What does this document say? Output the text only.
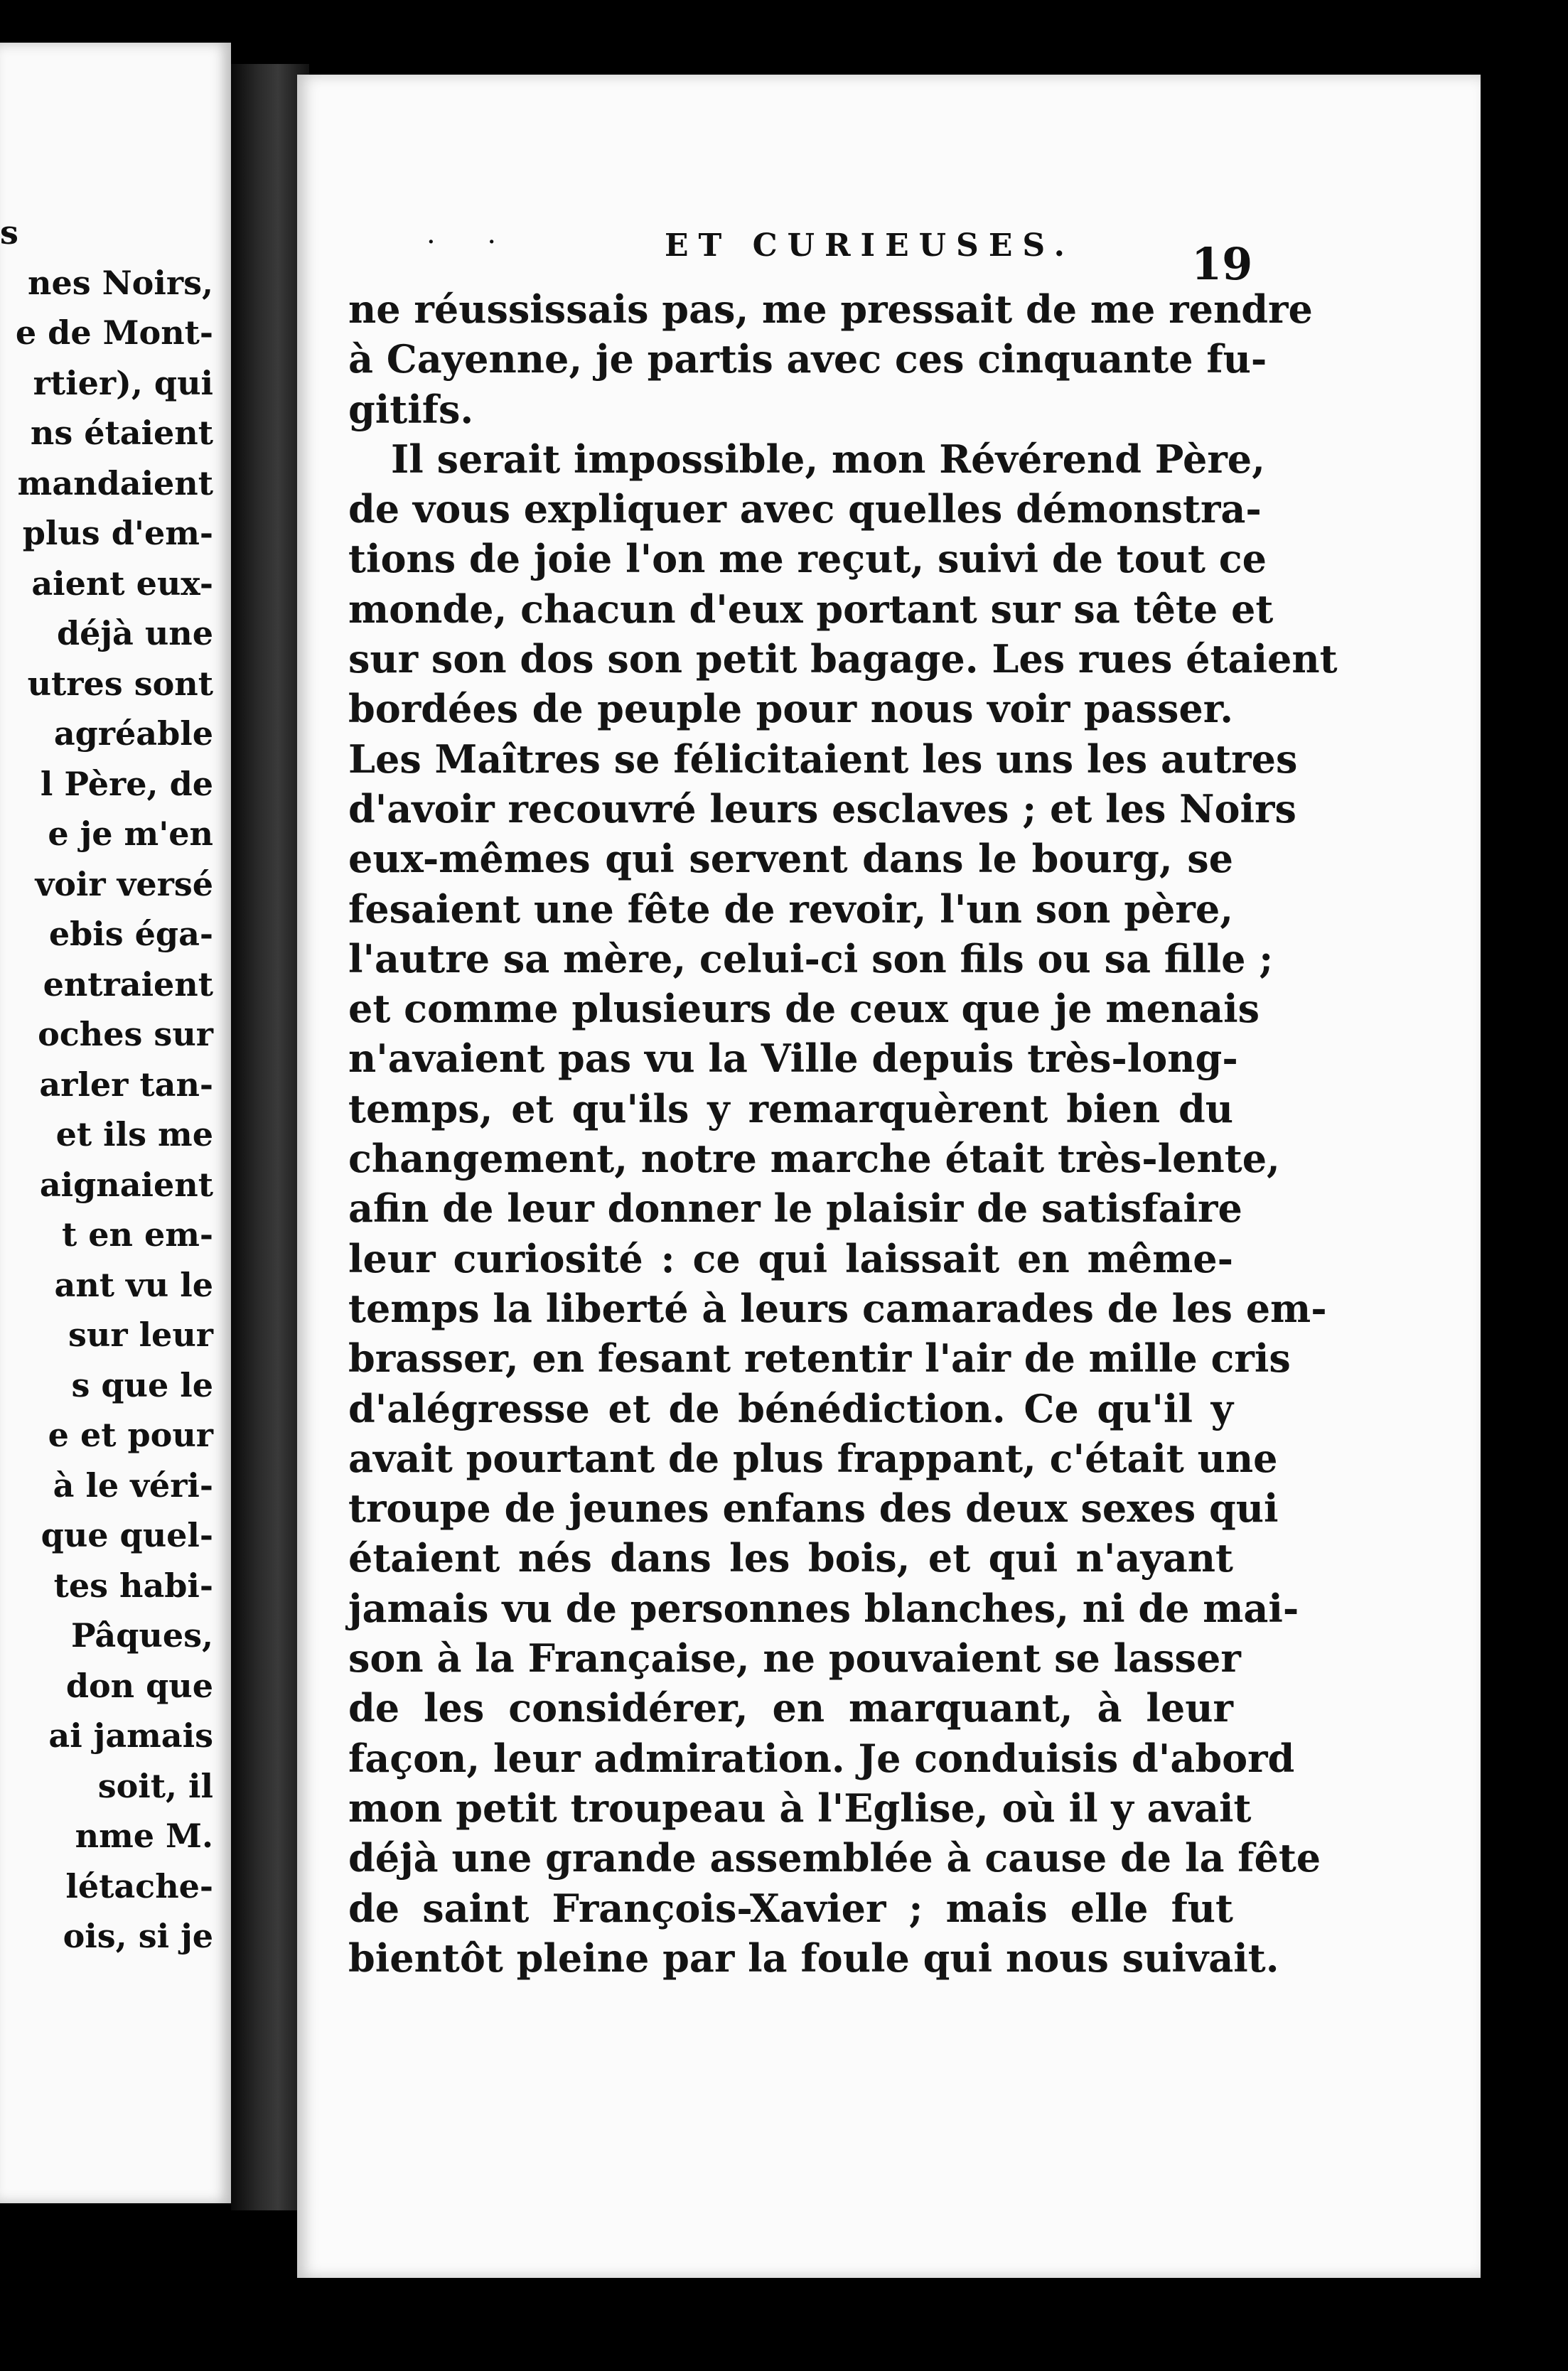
s
nes Noirs,
e de Mont-
rtier), qui
ns étaient
mandaient
plus d'em-
aient eux-
déjà une
utres sont
agréable
l Père, de
e je m'en
voir versé
ebis éga-
entraient
oches sur
arler tan-
et ils me
aignaient
t en em-
ant vu le
sur leur
s que le
e et pour
à le véri-
que quel-
tes habi-
Pâques,
don que
ai jamais
soit, il
nme M.
létache-
ois, si je
· ·	ET CURIEUSES.	19
ne réussissais pas, me pressait de me rendre
à Cayenne, je partis avec ces cinquante fu-
gitifs.
Il serait impossible, mon Révérend Père,
de vous expliquer avec quelles démonstra-
tions de joie l'on me reçut, suivi de tout ce
monde, chacun d'eux portant sur sa tête et
sur son dos son petit bagage. Les rues étaient
bordées de peuple pour nous voir passer.
Les Maîtres se félicitaient les uns les autres
d'avoir recouvré leurs esclaves ; et les Noirs
eux-mêmes qui servent dans le bourg, se
fesaient une fête de revoir, l'un son père,
l'autre sa mère, celui-ci son fils ou sa fille ;
et comme plusieurs de ceux que je menais
n'avaient pas vu la Ville depuis très-long-
temps, et qu'ils y remarquèrent bien du
changement, notre marche était très-lente,
afin de leur donner le plaisir de satisfaire
leur curiosité : ce qui laissait en même-
temps la liberté à leurs camarades de les em-
brasser, en fesant retentir l'air de mille cris
d'alégresse et de bénédiction. Ce qu'il y
avait pourtant de plus frappant, c'était une
troupe de jeunes enfans des deux sexes qui
étaient nés dans les bois, et qui n'ayant
jamais vu de personnes blanches, ni de mai-
son à la Française, ne pouvaient se lasser
de les considérer, en marquant, à leur
façon, leur admiration. Je conduisis d'abord
mon petit troupeau à l'Eglise, où il y avait
déjà une grande assemblée à cause de la fête
de saint François-Xavier ; mais elle fut
bientôt pleine par la foule qui nous suivait.
